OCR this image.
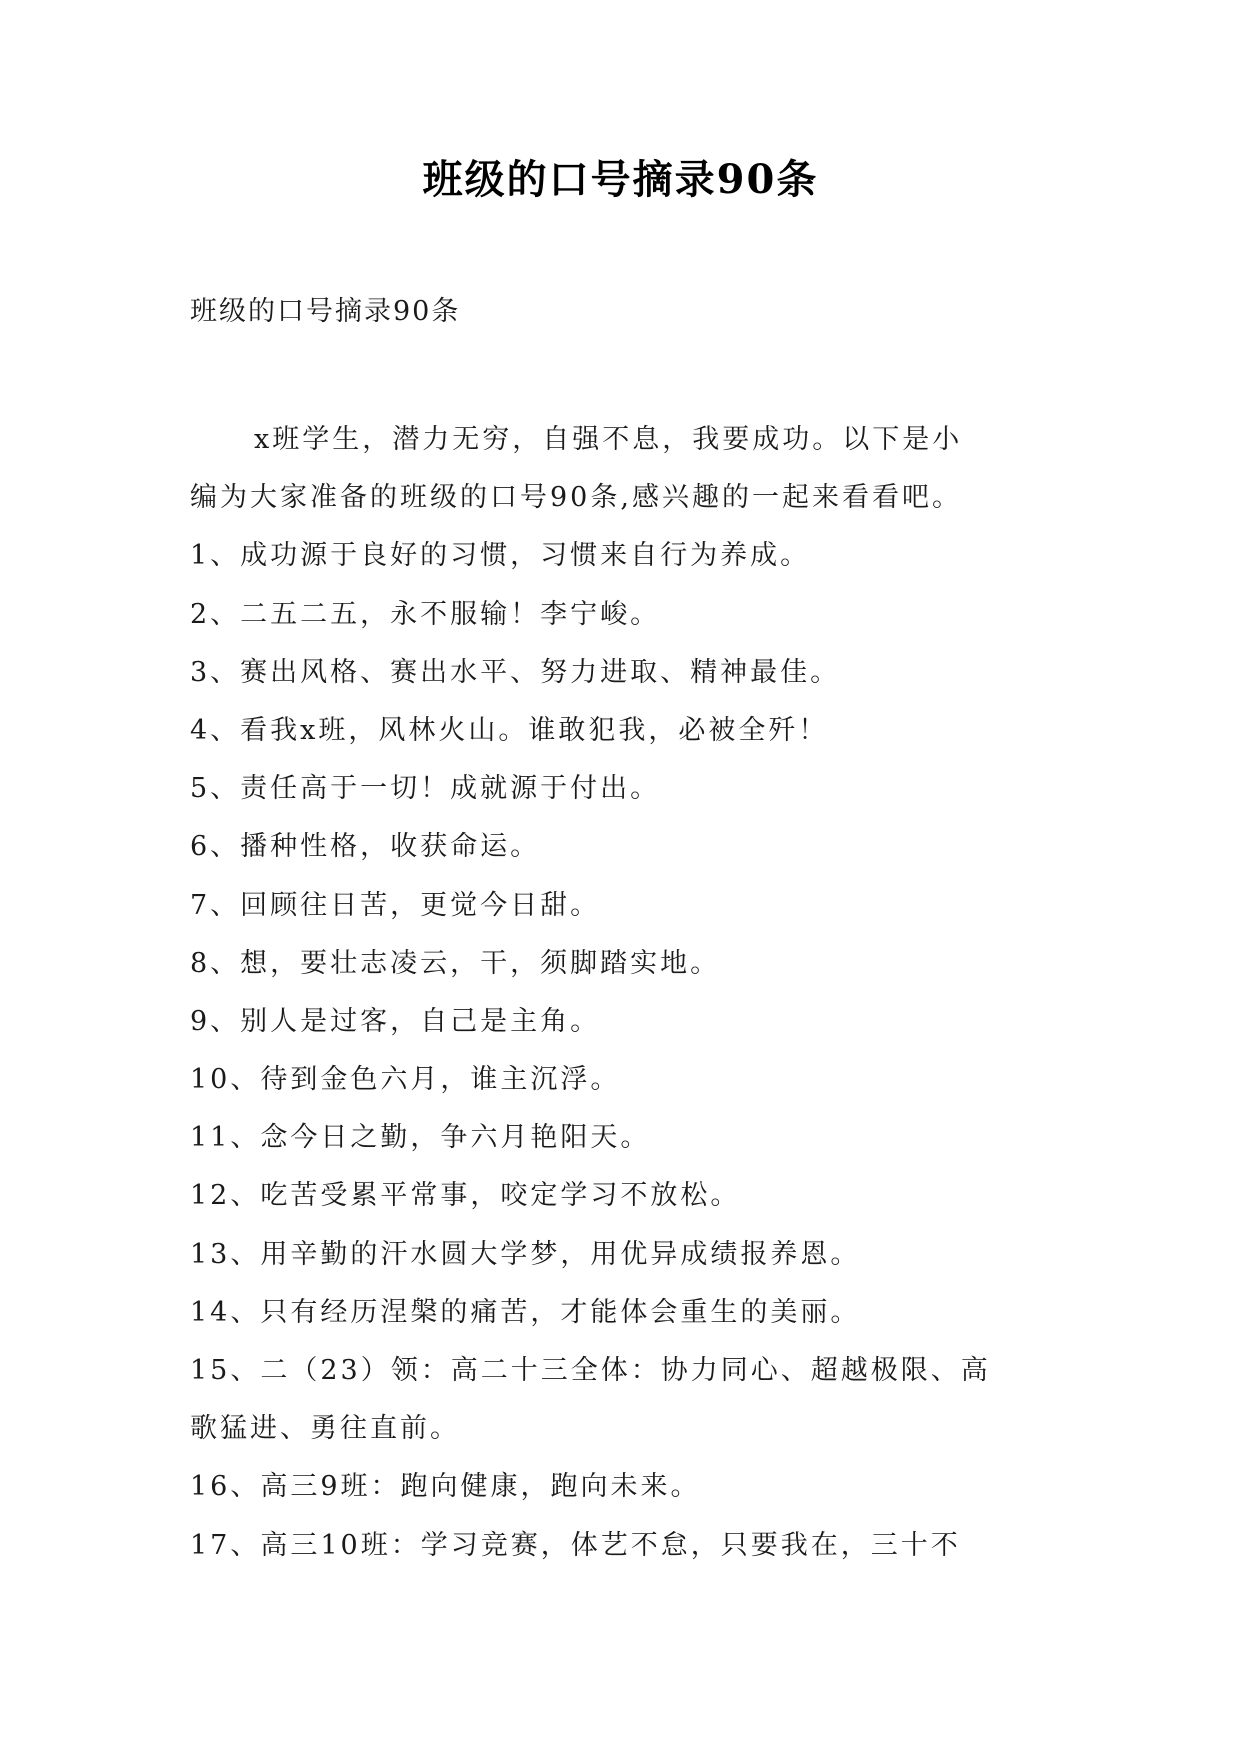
班级的口号摘录90条
班级的口号摘录90条
x班学生，潜力无穷，自强不息，我要成功。以下是小
编为大家准备的班级的口号90条,感兴趣的一起来看看吧。
1、成功源于良好的习惯，习惯来自行为养成。
2、二五二五，永不服输！李宁峻。
3、赛出风格、赛出水平、努力进取、精神最佳。
4、看我x班，风林火山。谁敢犯我，必被全歼！
5、责任高于一切！成就源于付出。
6、播种性格，收获命运。
7、回顾往日苦，更觉今日甜。
8、想，要壮志凌云，干，须脚踏实地。
9、别人是过客，自己是主角。
10、待到金色六月，谁主沉浮。
11、念今日之勤，争六月艳阳天。
12、吃苦受累平常事，咬定学习不放松。
13、用辛勤的汗水圆大学梦，用优异成绩报养恩。
14、只有经历涅槃的痛苦，才能体会重生的美丽。
15、二（23）领：高二十三全体：协力同心、超越极限、高
歌猛进、勇往直前。
16、高三9班：跑向健康，跑向未来。
17、高三10班：学习竞赛，体艺不怠，只要我在，三十不
